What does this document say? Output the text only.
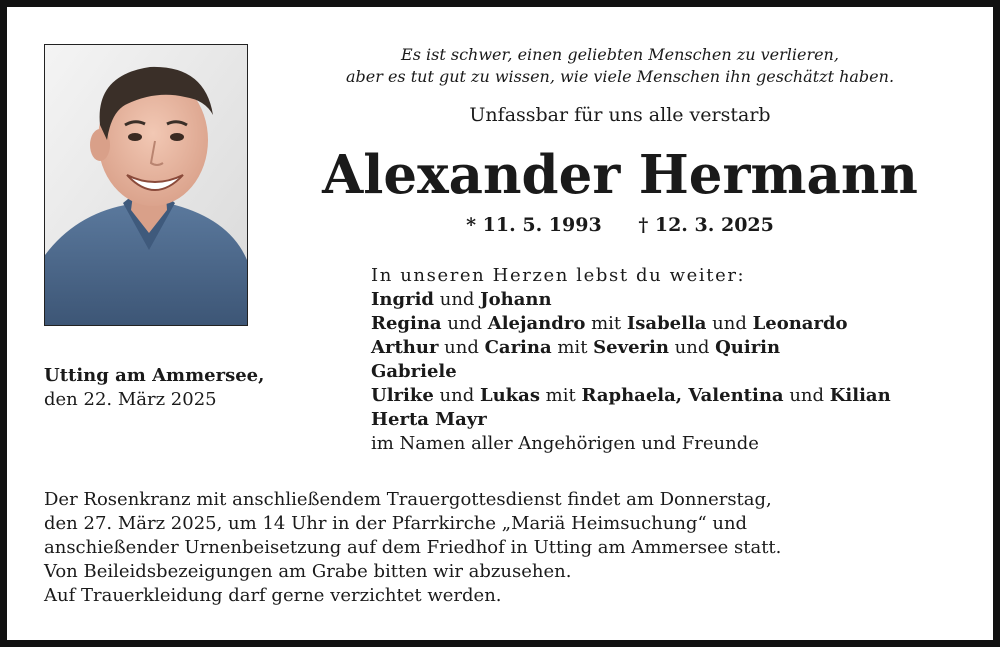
Es ist schwer, einen geliebten Menschen zu verlieren,
aber es tut gut zu wissen, wie viele Menschen ihn geschätzt haben.
Unfassbar für uns alle verstarb
Alexander Hermann
* 11. 5. 1993 † 12. 3. 2025
Utting am Ammersee,
den 22. März 2025
In unseren Herzen lebst du weiter:
Ingrid und Johann
Regina und Alejandro mit Isabella und Leonardo
Arthur und Carina mit Severin und Quirin
Gabriele
Ulrike und Lukas mit Raphaela, Valentina und Kilian
Herta Mayr
im Namen aller Angehörigen und Freunde
Der Rosenkranz mit anschließendem Trauergottesdienst findet am Donnerstag,
den 27. März 2025, um 14 Uhr in der Pfarrkirche „Mariä Heimsuchung“ und
anschießender Urnenbeisetzung auf dem Friedhof in Utting am Ammersee statt.
Von Beileidsbezeigungen am Grabe bitten wir abzusehen.
Auf Trauerkleidung darf gerne verzichtet werden.
